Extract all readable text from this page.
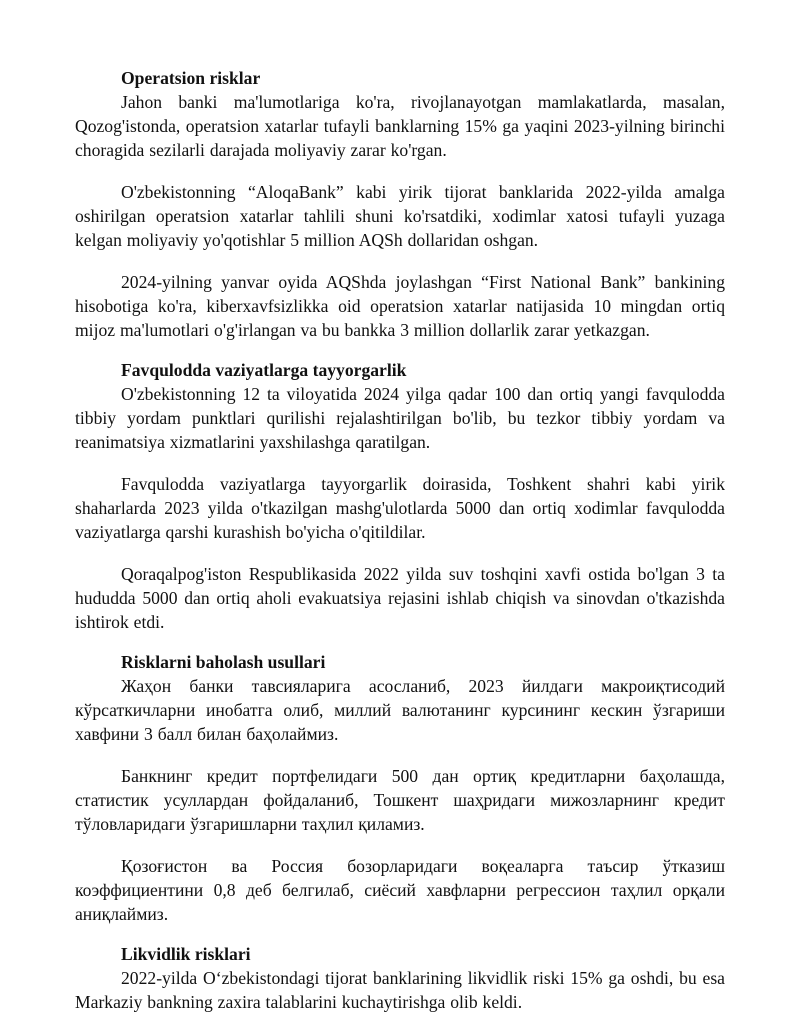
Operatsion risklar

Jahon banki ma'lumotlariga ko'ra, rivojlanayotgan mamlakatlarda, masalan, Qozog'istonda, operatsion xatarlar tufayli banklarning 15% ga yaqini 2023-yilning birinchi choragida sezilarli darajada moliyaviy zarar ko'rgan.

O'zbekistonning “AloqaBank” kabi yirik tijorat banklarida 2022-yilda amalga oshirilgan operatsion xatarlar tahlili shuni ko'rsatdiki, xodimlar xatosi tufayli yuzaga kelgan moliyaviy yo'qotishlar 5 million AQSh dollaridan oshgan.

2024-yilning yanvar oyida AQShda joylashgan “First National Bank” bankining hisobotiga ko'ra, kiberxavfsizlikka oid operatsion xatarlar natijasida 10 mingdan ortiq mijoz ma'lumotlari o'g'irlangan va bu bankka 3 million dollarlik zarar yetkazgan.

Favqulodda vaziyatlarga tayyorgarlik

O'zbekistonning 12 ta viloyatida 2024 yilga qadar 100 dan ortiq yangi favqulodda tibbiy yordam punktlari qurilishi rejalashtirilgan bo'lib, bu tezkor tibbiy yordam va reanimatsiya xizmatlarini yaxshilashga qaratilgan.

Favqulodda vaziyatlarga tayyorgarlik doirasida, Toshkent shahri kabi yirik shaharlarda 2023 yilda o'tkazilgan mashg'ulotlarda 5000 dan ortiq xodimlar favqulodda vaziyatlarga qarshi kurashish bo'yicha o'qitildilar.

Qoraqalpog'iston Respublikasida 2022 yilda suv toshqini xavfi ostida bo'lgan 3 ta hududda 5000 dan ortiq aholi evakuatsiya rejasini ishlab chiqish va sinovdan o'tkazishda ishtirok etdi.

Risklarni baholash usullari

Жаҳон банки тавсияларига асосланиб, 2023 йилдаги макроиқтисодий кўрсаткичларни инобатга олиб, миллий валютанинг курсининг кескин ўзгариши хавфини 3 балл билан баҳолаймиз.

Банкнинг кредит портфелидаги 500 дан ортиқ кредитларни баҳолашда, статистик усуллардан фойдаланиб, Тошкент шаҳридаги мижозларнинг кредит тўловларидаги ўзгаришларни таҳлил қиламиз.

Қозоғистон ва Россия бозорларидаги воқеаларга таъсир ўтказиш коэффициентини 0,8 деб белгилаб, сиёсий хавфларни регрессион таҳлил орқали аниқлаймиз.

Likvidlik risklari

2022-yilda O‘zbekistondagi tijorat banklarining likvidlik riski 15% ga oshdi, bu esa Markaziy bankning zaxira talablarini kuchaytirishga olib keldi.
